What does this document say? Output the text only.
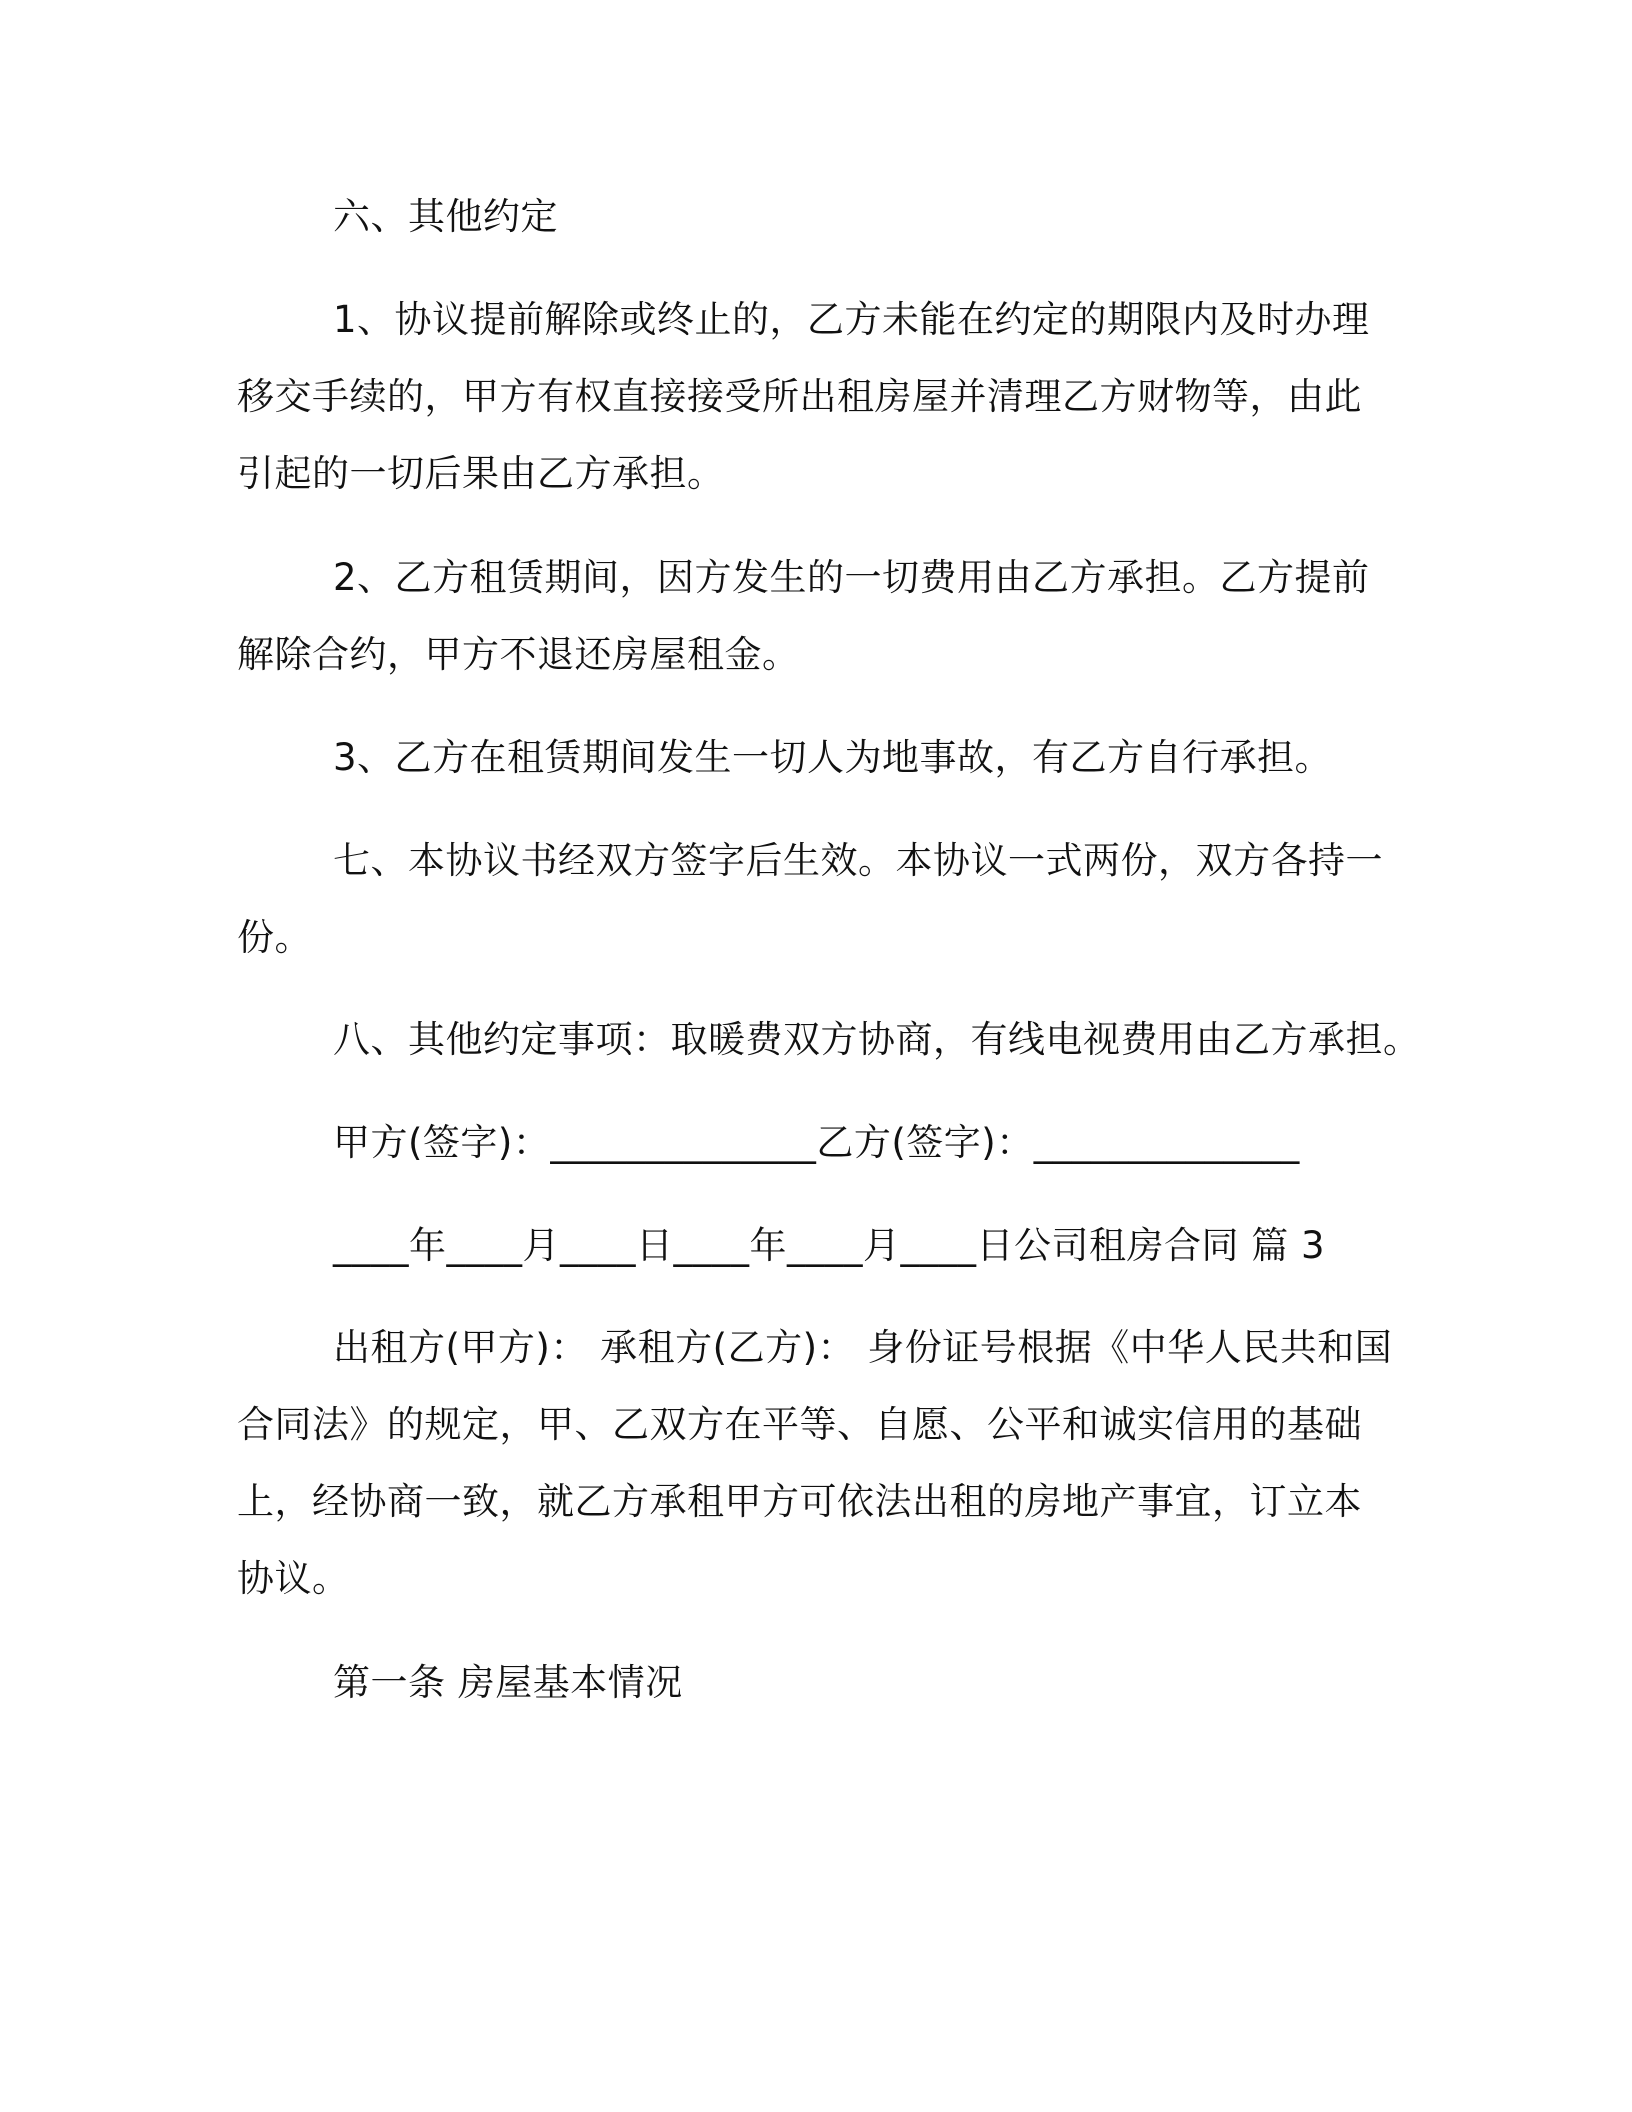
六、其他约定

1、协议提前解除或终止的，乙方未能在约定的期限内及时办理

移交手续的，甲方有权直接接受所出租房屋并清理乙方财物等，由此

引起的一切后果由乙方承担。

2、乙方租赁期间，因方发生的一切费用由乙方承担。乙方提前

解除合约，甲方不退还房屋租金。

3、乙方在租赁期间发生一切人为地事故，有乙方自行承担。

七、本协议书经双方签字后生效。本协议一式两份，双方各持一

份。

八、其他约定事项：取暖费双方协商，有线电视费用由乙方承担。

甲方(签字)：______________乙方(签字)：______________

____年____月____日____年____月____日公司租房合同 篇 3

出租方(甲方)： 承租方(乙方)： 身份证号根据《中华人民共和国

合同法》的规定，甲、乙双方在平等、自愿、公平和诚实信用的基础

上，经协商一致，就乙方承租甲方可依法出租的房地产事宜，订立本

协议。

第一条 房屋基本情况
